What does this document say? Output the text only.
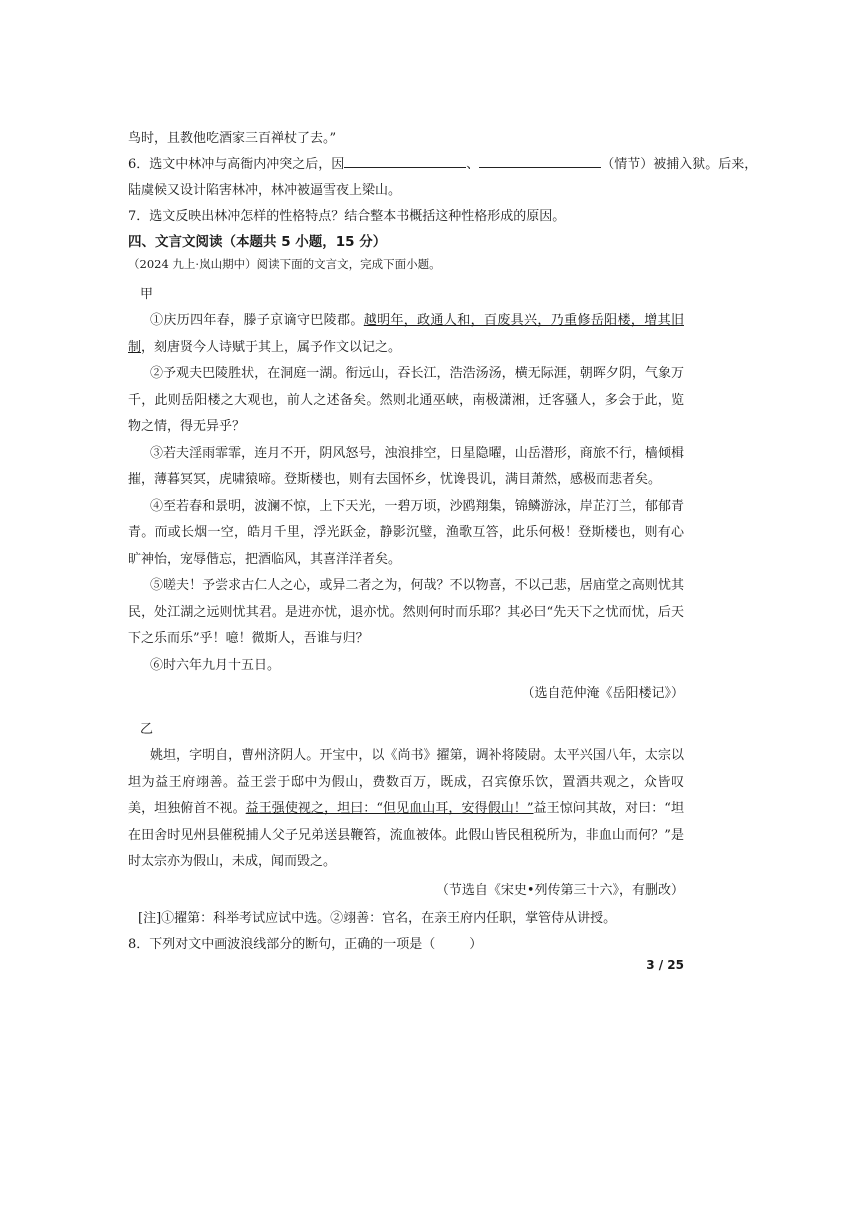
鸟时，且教他吃酒家三百禅杖了去。”
6．选文中林冲与高衙内冲突之后，因	、	（情节）被捕入狱。后来，
陆虞候又设计陷害林冲，林冲被逼雪夜上梁山。
7．选文反映出林冲怎样的性格特点？结合整本书概括这种性格形成的原因。
四、文言文阅读（本题共 5 小题，15 分）
（2024 九上·岚山期中）阅读下面的文言文，完成下面小题。
甲
①庆历四年春，滕子京谪守巴陵郡。越明年，政通人和，百废具兴，乃重修岳阳楼，增其旧制，刻唐贤今人诗赋于其上，属予作文以记之。
②予观夫巴陵胜状，在洞庭一湖。衔远山，吞长江，浩浩汤汤，横无际涯，朝晖夕阴，气象万千，此则岳阳楼之大观也，前人之述备矣。然则北通巫峡，南极潇湘，迁客骚人，多会于此，览物之情，得无异乎？
③若夫淫雨霏霏，连月不开，阴风怒号，浊浪排空，日星隐曜，山岳潜形，商旅不行，樯倾楫摧，薄暮冥冥，虎啸猿啼。登斯楼也，则有去国怀乡，忧谗畏讥，满目萧然，感极而悲者矣。
④至若春和景明，波澜不惊，上下天光，一碧万顷，沙鸥翔集，锦鳞游泳，岸芷汀兰，郁郁青青。而或长烟一空，皓月千里，浮光跃金，静影沉璧，渔歌互答，此乐何极！登斯楼也，则有心旷神怡，宠辱偕忘，把酒临风，其喜洋洋者矣。
⑤嗟夫！予尝求古仁人之心，或异二者之为，何哉？不以物喜，不以己悲，居庙堂之高则忧其民，处江湖之远则忧其君。是进亦忧，退亦忧。然则何时而乐耶？其必曰“先天下之忧而忧，后天下之乐而乐”乎！噫！微斯人，吾谁与归？
⑥时六年九月十五日。
（选自范仲淹《岳阳楼记》）
乙
姚坦，字明自，曹州济阴人。开宝中，以《尚书》擢第，调补将陵尉。太平兴国八年，太宗以坦为益王府翊善。益王尝于邸中为假山，费数百万，既成，召宾僚乐饮，置酒共观之，众皆叹美，坦独俯首不视。益王强使视之，坦曰：“但见血山耳，安得假山！”益王惊问其故，对曰：“坦在田舍时见州县催税捕人父子兄弟送县鞭笞，流血被体。此假山皆民租税所为，非血山而何？”是时太宗亦为假山，未成，闻而毁之。
（节选自《宋史•列传第三十六》，有删改）
[注]①擢第：科举考试应试中选。②翊善：官名，在亲王府内任职，掌管侍从讲授。
8．下列对文中画波浪线部分的断句，正确的一项是（	）
3 / 25
